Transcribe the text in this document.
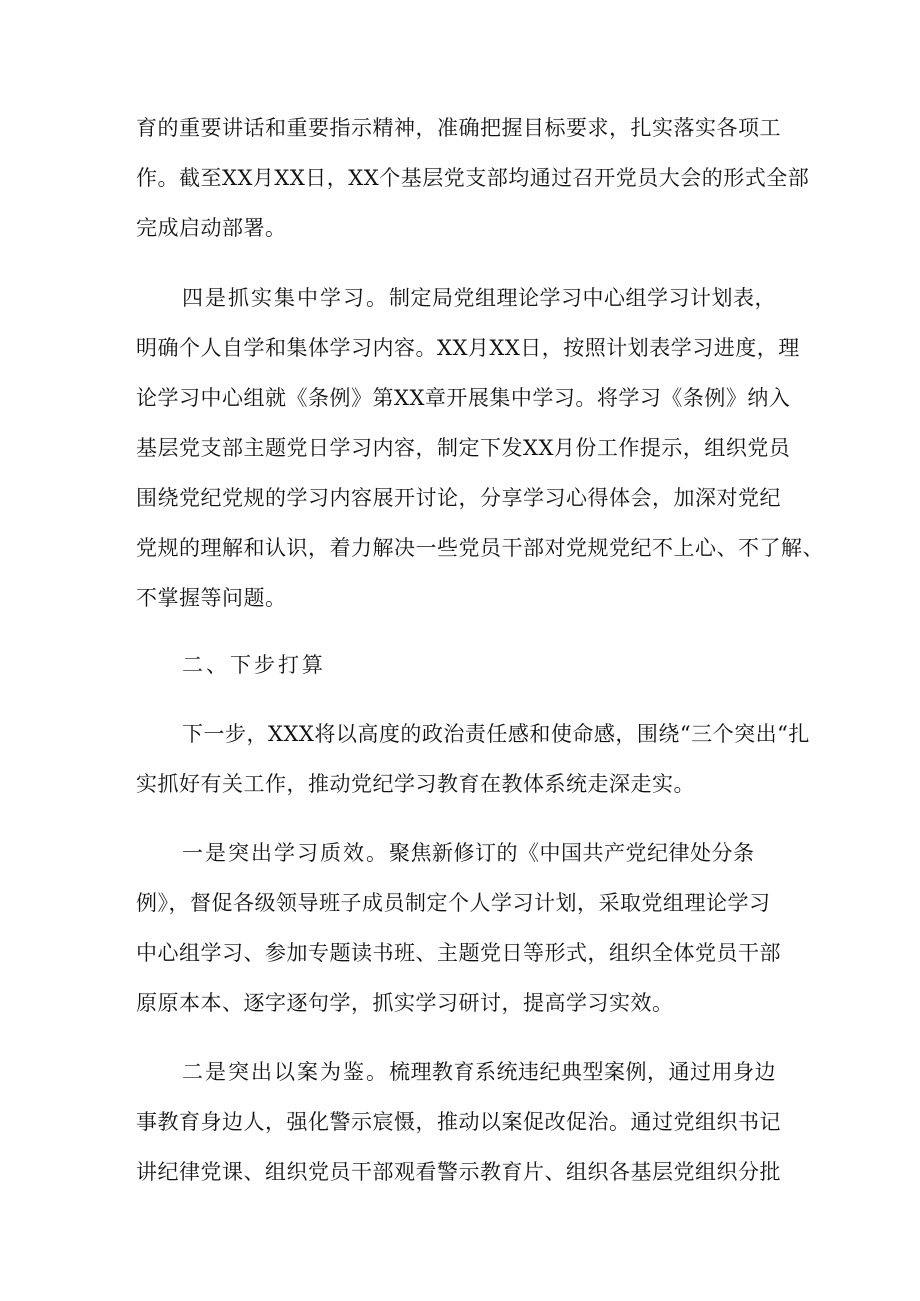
育的重要讲话和重要指示精神，准确把握目标要求，扎实落实各项工
作。截至XX月XX日，XX个基层党支部均通过召开党员大会的形式全部
完成启动部署。
四是抓实集中学习。制定局党组理论学习中心组学习计划表，
明确个人自学和集体学习内容。XX月XX日，按照计划表学习进度，理
论学习中心组就《条例》第XX章开展集中学习。将学习《条例》纳入
基层党支部主题党日学习内容，制定下发XX月份工作提示，组织党员
围绕党纪党规的学习内容展开讨论，分享学习心得体会，加深对党纪
党规的理解和认识，着力解决一些党员干部对党规党纪不上心、不了解、
不掌握等问题。
二、下步打算
下一步，XXX将以高度的政治责任感和使命感，围绕“三个突出“扎
实抓好有关工作，推动党纪学习教育在教体系统走深走实。
一是突出学习质效。聚焦新修订的《中国共产党纪律处分条
例》，督促各级领导班子成员制定个人学习计划，采取党组理论学习
中心组学习、参加专题读书班、主题党日等形式，组织全体党员干部
原原本本、逐字逐句学，抓实学习研讨，提高学习实效。
二是突出以案为鉴。梳理教育系统违纪典型案例，通过用身边
事教育身边人，强化警示宸慑，推动以案促改促治。通过党组织书记
讲纪律党课、组织党员干部观看警示教育片、组织各基层党组织分批
